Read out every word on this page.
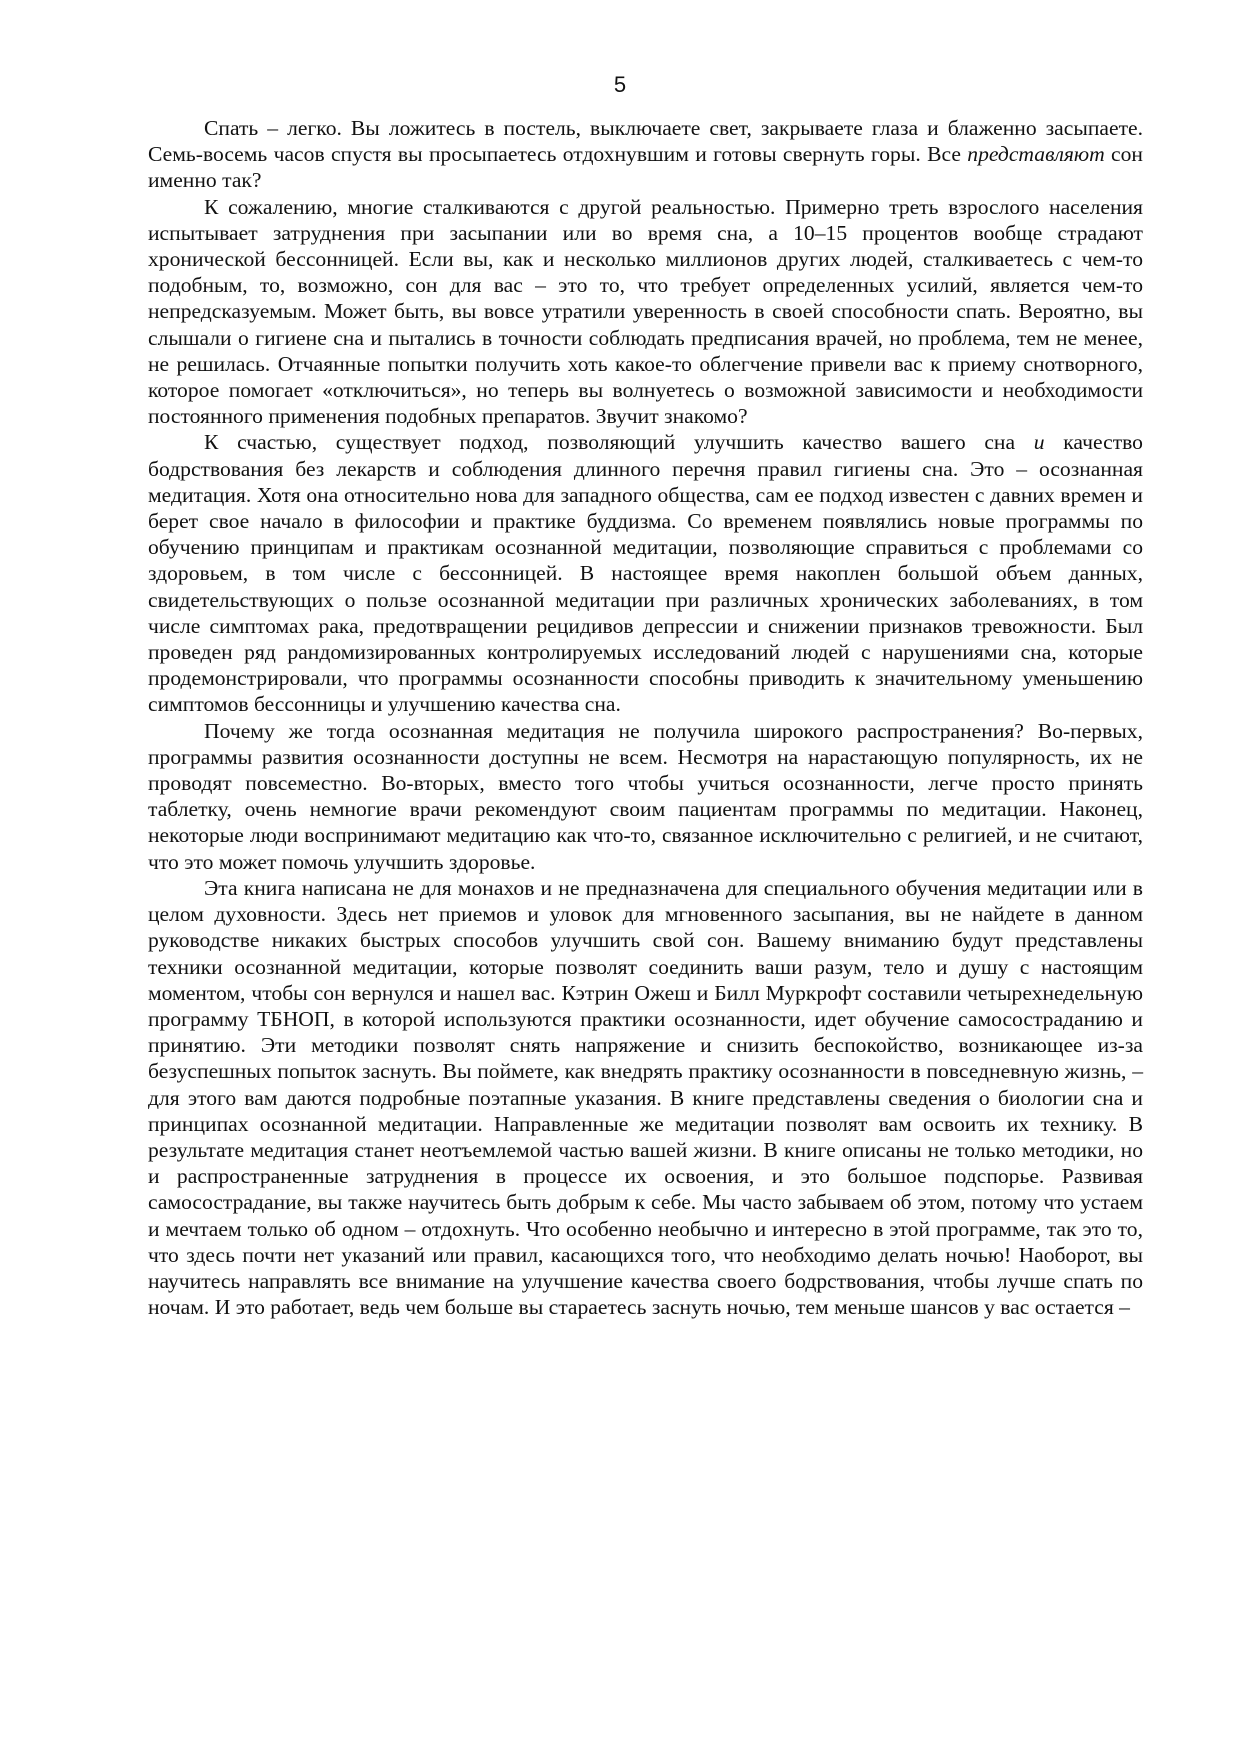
5

Спать – легко. Вы ложитесь в постель, выключаете свет, закрываете глаза и блаженно засыпаете. Семь-восемь часов спустя вы просыпаетесь отдохнувшим и готовы свернуть горы. Все представляют сон именно так?

К сожалению, многие сталкиваются с другой реальностью. Примерно треть взрослого населения испытывает затруднения при засыпании или во время сна, а 10–15 процентов вообще страдают хронической бессонницей. Если вы, как и несколько миллионов других людей, сталкиваетесь с чем-то подобным, то, возможно, сон для вас – это то, что требует определенных усилий, является чем-то непредсказуемым. Может быть, вы вовсе утратили уверенность в своей способности спать. Вероятно, вы слышали о гигиене сна и пытались в точности соблюдать предписания врачей, но проблема, тем не менее, не решилась. Отчаянные попытки получить хоть какое-то облегчение привели вас к приему снотворного, которое помогает «отключиться», но теперь вы волнуетесь о возможной зависимости и необходимости постоянного применения подобных препаратов. Звучит знакомо?

К счастью, существует подход, позволяющий улучшить качество вашего сна и качество бодрствования без лекарств и соблюдения длинного перечня правил гигиены сна. Это – осознанная медитация. Хотя она относительно нова для западного общества, сам ее подход известен с давних времен и берет свое начало в философии и практике буддизма. Со временем появлялись новые программы по обучению принципам и практикам осознанной медитации, позволяющие справиться с проблемами со здоровьем, в том числе с бессонницей. В настоящее время накоплен большой объем данных, свидетельствующих о пользе осознанной медитации при различных хронических заболеваниях, в том числе симптомах рака, предотвращении рецидивов депрессии и снижении признаков тревожности. Был проведен ряд рандомизированных контролируемых исследований людей с нарушениями сна, которые продемонстрировали, что программы осознанности способны приводить к значительному уменьшению симптомов бессонницы и улучшению качества сна.

Почему же тогда осознанная медитация не получила широкого распространения? Во-первых, программы развития осознанности доступны не всем. Несмотря на нарастающую популярность, их не проводят повсеместно. Во-вторых, вместо того чтобы учиться осознанности, легче просто принять таблетку, очень немногие врачи рекомендуют своим пациентам программы по медитации. Наконец, некоторые люди воспринимают медитацию как что-то, связанное исключительно с религией, и не считают, что это может помочь улучшить здоровье.

Эта книга написана не для монахов и не предназначена для специального обучения медитации или в целом духовности. Здесь нет приемов и уловок для мгновенного засыпания, вы не найдете в данном руководстве никаких быстрых способов улучшить свой сон. Вашему вниманию будут представлены техники осознанной медитации, которые позволят соединить ваши разум, тело и душу с настоящим моментом, чтобы сон вернулся и нашел вас. Кэтрин Ожеш и Билл Муркрофт составили четырехнедельную программу ТБНОП, в которой используются практики осознанности, идет обучение самосостраданию и принятию. Эти методики позволят снять напряжение и снизить беспокойство, возникающее из-за безуспешных попыток заснуть. Вы поймете, как внедрять практику осознанности в повседневную жизнь, – для этого вам даются подробные поэтапные указания. В книге представлены сведения о биологии сна и принципах осознанной медитации. Направленные же медитации позволят вам освоить их технику. В результате медитация станет неотъемлемой частью вашей жизни. В книге описаны не только методики, но и распространенные затруднения в процессе их освоения, и это большое подспорье. Развивая самосострадание, вы также научитесь быть добрым к себе. Мы часто забываем об этом, потому что устаем и мечтаем только об одном – отдохнуть. Что особенно необычно и интересно в этой программе, так это то, что здесь почти нет указаний или правил, касающихся того, что необходимо делать ночью! Наоборот, вы научитесь направлять все внимание на улучшение качества своего бодрствования, чтобы лучше спать по ночам. И это работает, ведь чем больше вы стараетесь заснуть ночью, тем меньше шансов у вас остается –
